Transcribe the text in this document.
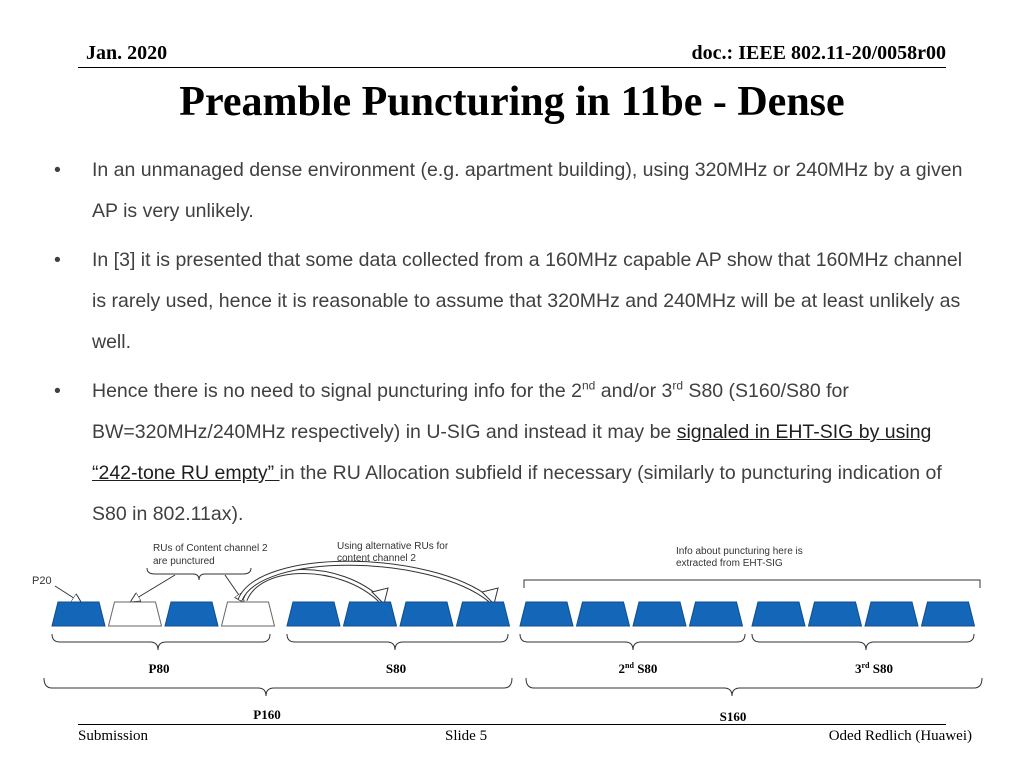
Jan. 2020	doc.: IEEE 802.11-20/0058r00
Preamble Puncturing in 11be - Dense
• In an unmanaged dense environment (e.g. apartment building), using 320MHz or 240MHz by a given AP is very unlikely.
• In [3] it is presented that some data collected from a 160MHz capable AP show that 160MHz channel is rarely used, hence it is reasonable to assume that 320MHz and 240MHz will be at least unlikely as well.
• Hence there is no need to signal puncturing info for the 2nd and/or 3rd S80 (S160/S80 for BW=320MHz/240MHz respectively) in U-SIG and instead it may be signaled in EHT-SIG by using “242-tone RU empty” in the RU Allocation subfield if necessary (similarly to puncturing indication of S80 in 802.11ax).
RUs of Content channel 2
are punctured
Using alternative RUs for
content channel 2
Info about puncturing here is
extracted from EHT-SIG
P20
P80	S80	2nd S80	3rd S80
P160	S160
Submission	Slide 5	Oded Redlich (Huawei)
